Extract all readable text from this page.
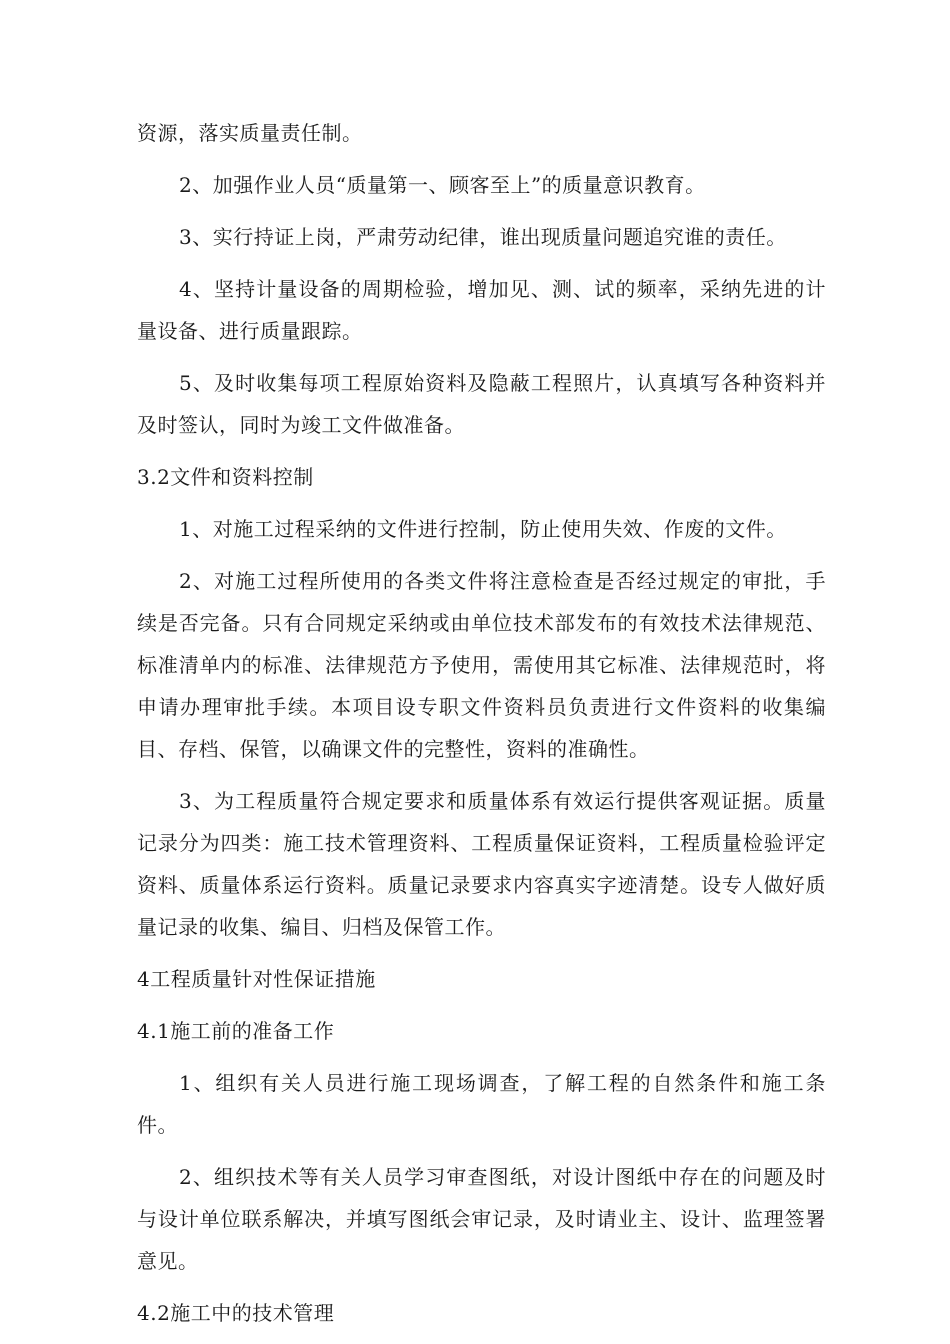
资源，落实质量责任制。

2、加强作业人员“质量第一、顾客至上”的质量意识教育。

3、实行持证上岗，严肃劳动纪律，谁出现质量问题追究谁的责任。

4、坚持计量设备的周期检验，增加见、测、试的频率，采纳先进的计量设备、进行质量跟踪。

5、及时收集每项工程原始资料及隐蔽工程照片，认真填写各种资料并及时签认，同时为竣工文件做准备。

3.2文件和资料控制

1、对施工过程采纳的文件进行控制，防止使用失效、作废的文件。

2、对施工过程所使用的各类文件将注意检查是否经过规定的审批，手续是否完备。只有合同规定采纳或由单位技术部发布的有效技术法律规范、标准清单内的标准、法律规范方予使用，需使用其它标准、法律规范时，将申请办理审批手续。本项目设专职文件资料员负责进行文件资料的收集编目、存档、保管，以确课文件的完整性，资料的准确性。

3、为工程质量符合规定要求和质量体系有效运行提供客观证据。质量记录分为四类：施工技术管理资料、工程质量保证资料，工程质量检验评定资料、质量体系运行资料。质量记录要求内容真实字迹清楚。设专人做好质量记录的收集、编目、归档及保管工作。

4工程质量针对性保证措施

4.1施工前的准备工作

1、组织有关人员进行施工现场调查，了解工程的自然条件和施工条件。

2、组织技术等有关人员学习审查图纸，对设计图纸中存在的问题及时与设计单位联系解决，并填写图纸会审记录，及时请业主、设计、监理签署意见。

4.2施工中的技术管理
